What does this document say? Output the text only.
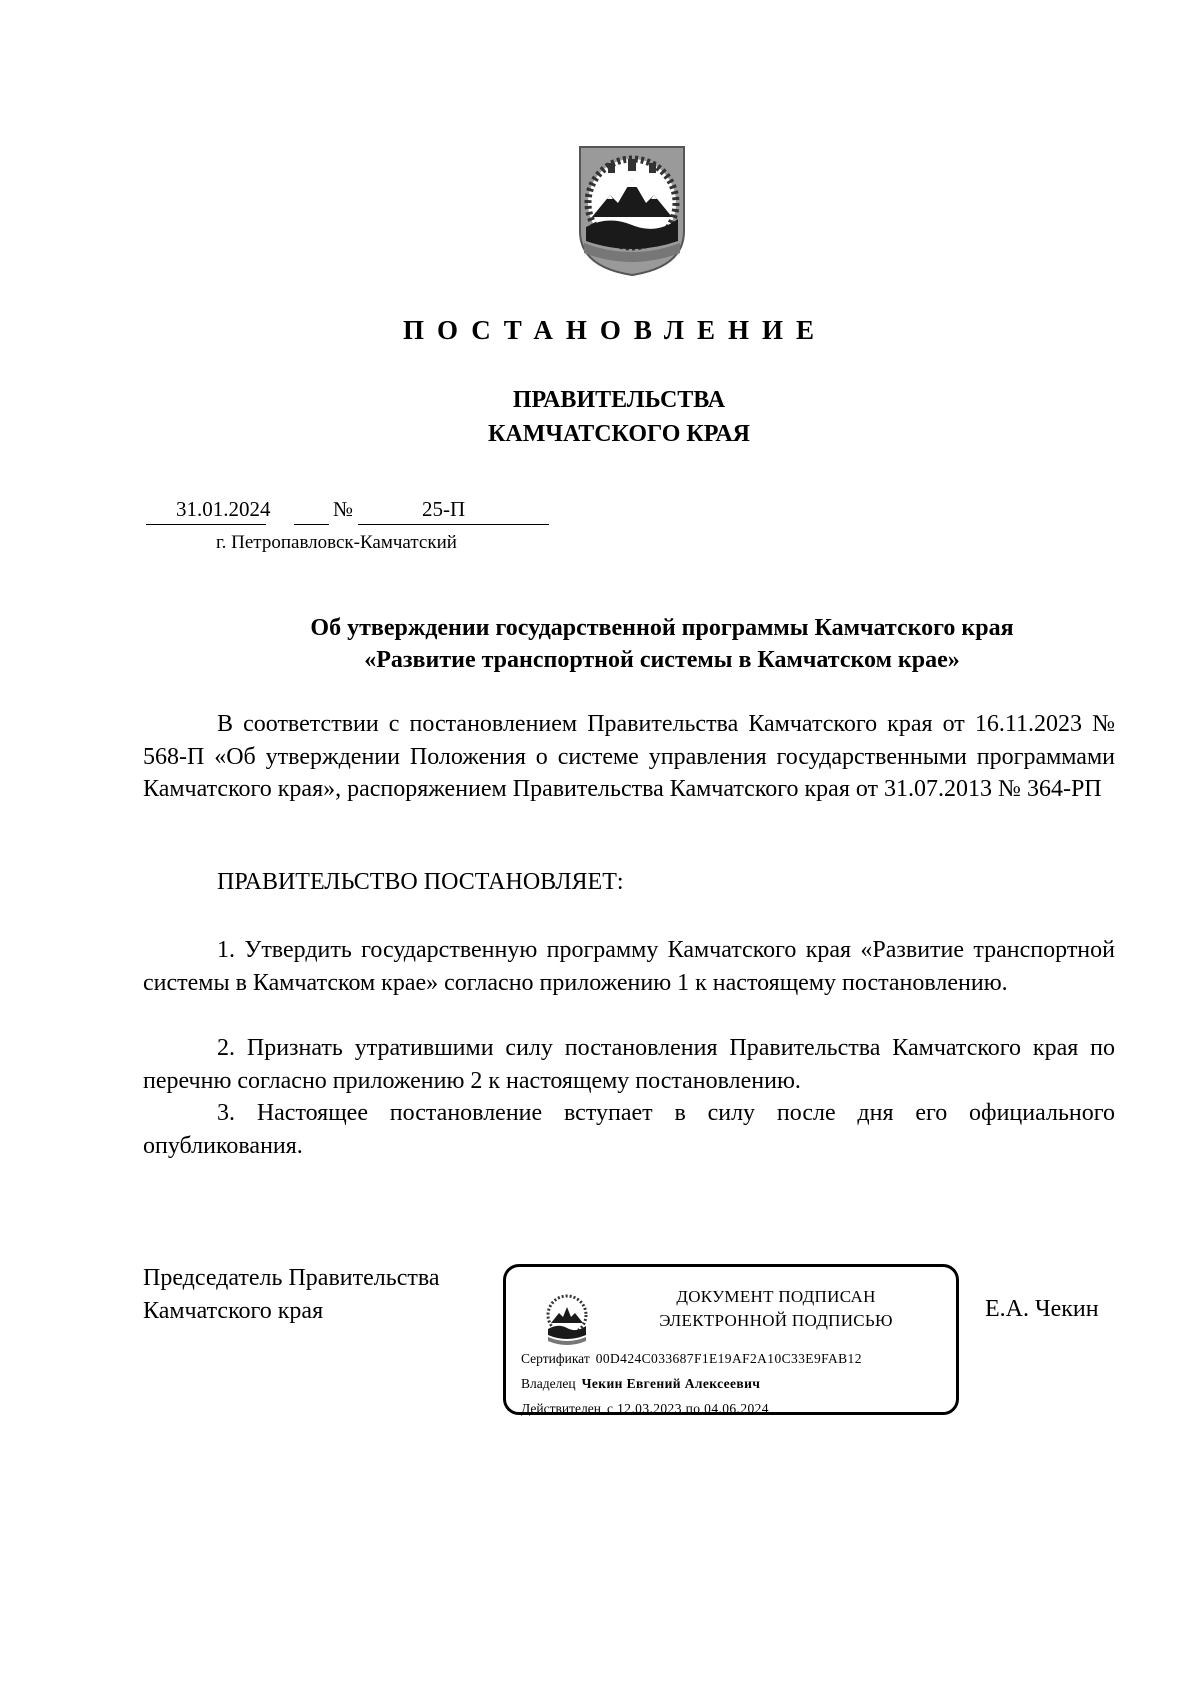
ПОСТАНОВЛЕНИЕ
ПРАВИТЕЛЬСТВА
КАМЧАТСКОГО КРАЯ
31.01.2024	№	25-П
г. Петропавловск-Камчатский
Об утверждении государственной программы Камчатского края
«Развитие транспортной системы в Камчатском крае»

В соответствии с постановлением Правительства Камчатского края от 16.11.2023 № 568-П «Об утверждении Положения о системе управления государственными программами Камчатского края», распоряжением Правительства Камчатского края от 31.07.2013 № 364-РП

ПРАВИТЕЛЬСТВО ПОСТАНОВЛЯЕТ:

1. Утвердить государственную программу Камчатского края «Развитие транспортной системы в Камчатском крае» согласно приложению 1 к настоящему постановлению.

2. Признать утратившими силу постановления Правительства Камчатского края по перечню согласно приложению 2 к настоящему постановлению.

3. Настоящее постановление вступает в силу после дня его официального опубликования.

Председатель Правительства
Камчатского края
ДОКУМЕНТ ПОДПИСАН
ЭЛЕКТРОННОЙ ПОДПИСЬЮ
Сертификат 00D424C033687F1E19AF2A10C33E9FAB12
Владелец Чекин Евгений Алексеевич
Действителен с 12.03.2023 по 04.06.2024
Е.А. Чекин
